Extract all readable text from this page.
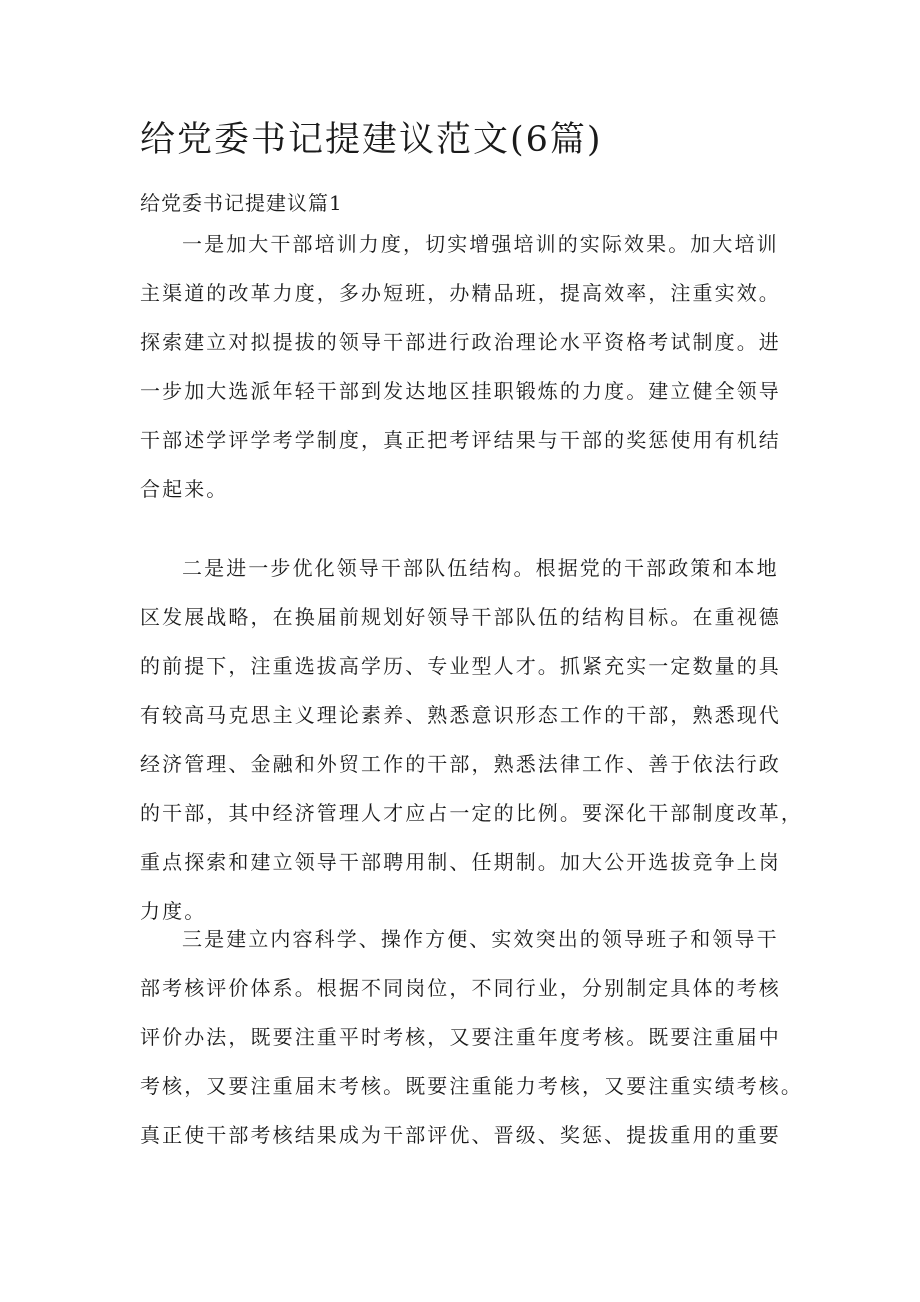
给党委书记提建议范文(6篇)
给党委书记提建议篇1
一是加大干部培训力度，切实增强培训的实际效果。加大培训
主渠道的改革力度，多办短班，办精品班，提高效率，注重实效。
探索建立对拟提拔的领导干部进行政治理论水平资格考试制度。进
一步加大选派年轻干部到发达地区挂职锻炼的力度。建立健全领导
干部述学评学考学制度，真正把考评结果与干部的奖惩使用有机结
合起来。
二是进一步优化领导干部队伍结构。根据党的干部政策和本地
区发展战略，在换届前规划好领导干部队伍的结构目标。在重视德
的前提下，注重选拔高学历、专业型人才。抓紧充实一定数量的具
有较高马克思主义理论素养、熟悉意识形态工作的干部，熟悉现代
经济管理、金融和外贸工作的干部，熟悉法律工作、善于依法行政
的干部，其中经济管理人才应占一定的比例。要深化干部制度改革，
重点探索和建立领导干部聘用制、任期制。加大公开选拔竞争上岗
力度。
三是建立内容科学、操作方便、实效突出的领导班子和领导干
部考核评价体系。根据不同岗位，不同行业，分别制定具体的考核
评价办法，既要注重平时考核，又要注重年度考核。既要注重届中
考核，又要注重届末考核。既要注重能力考核，又要注重实绩考核。
真正使干部考核结果成为干部评优、晋级、奖惩、提拔重用的重要
